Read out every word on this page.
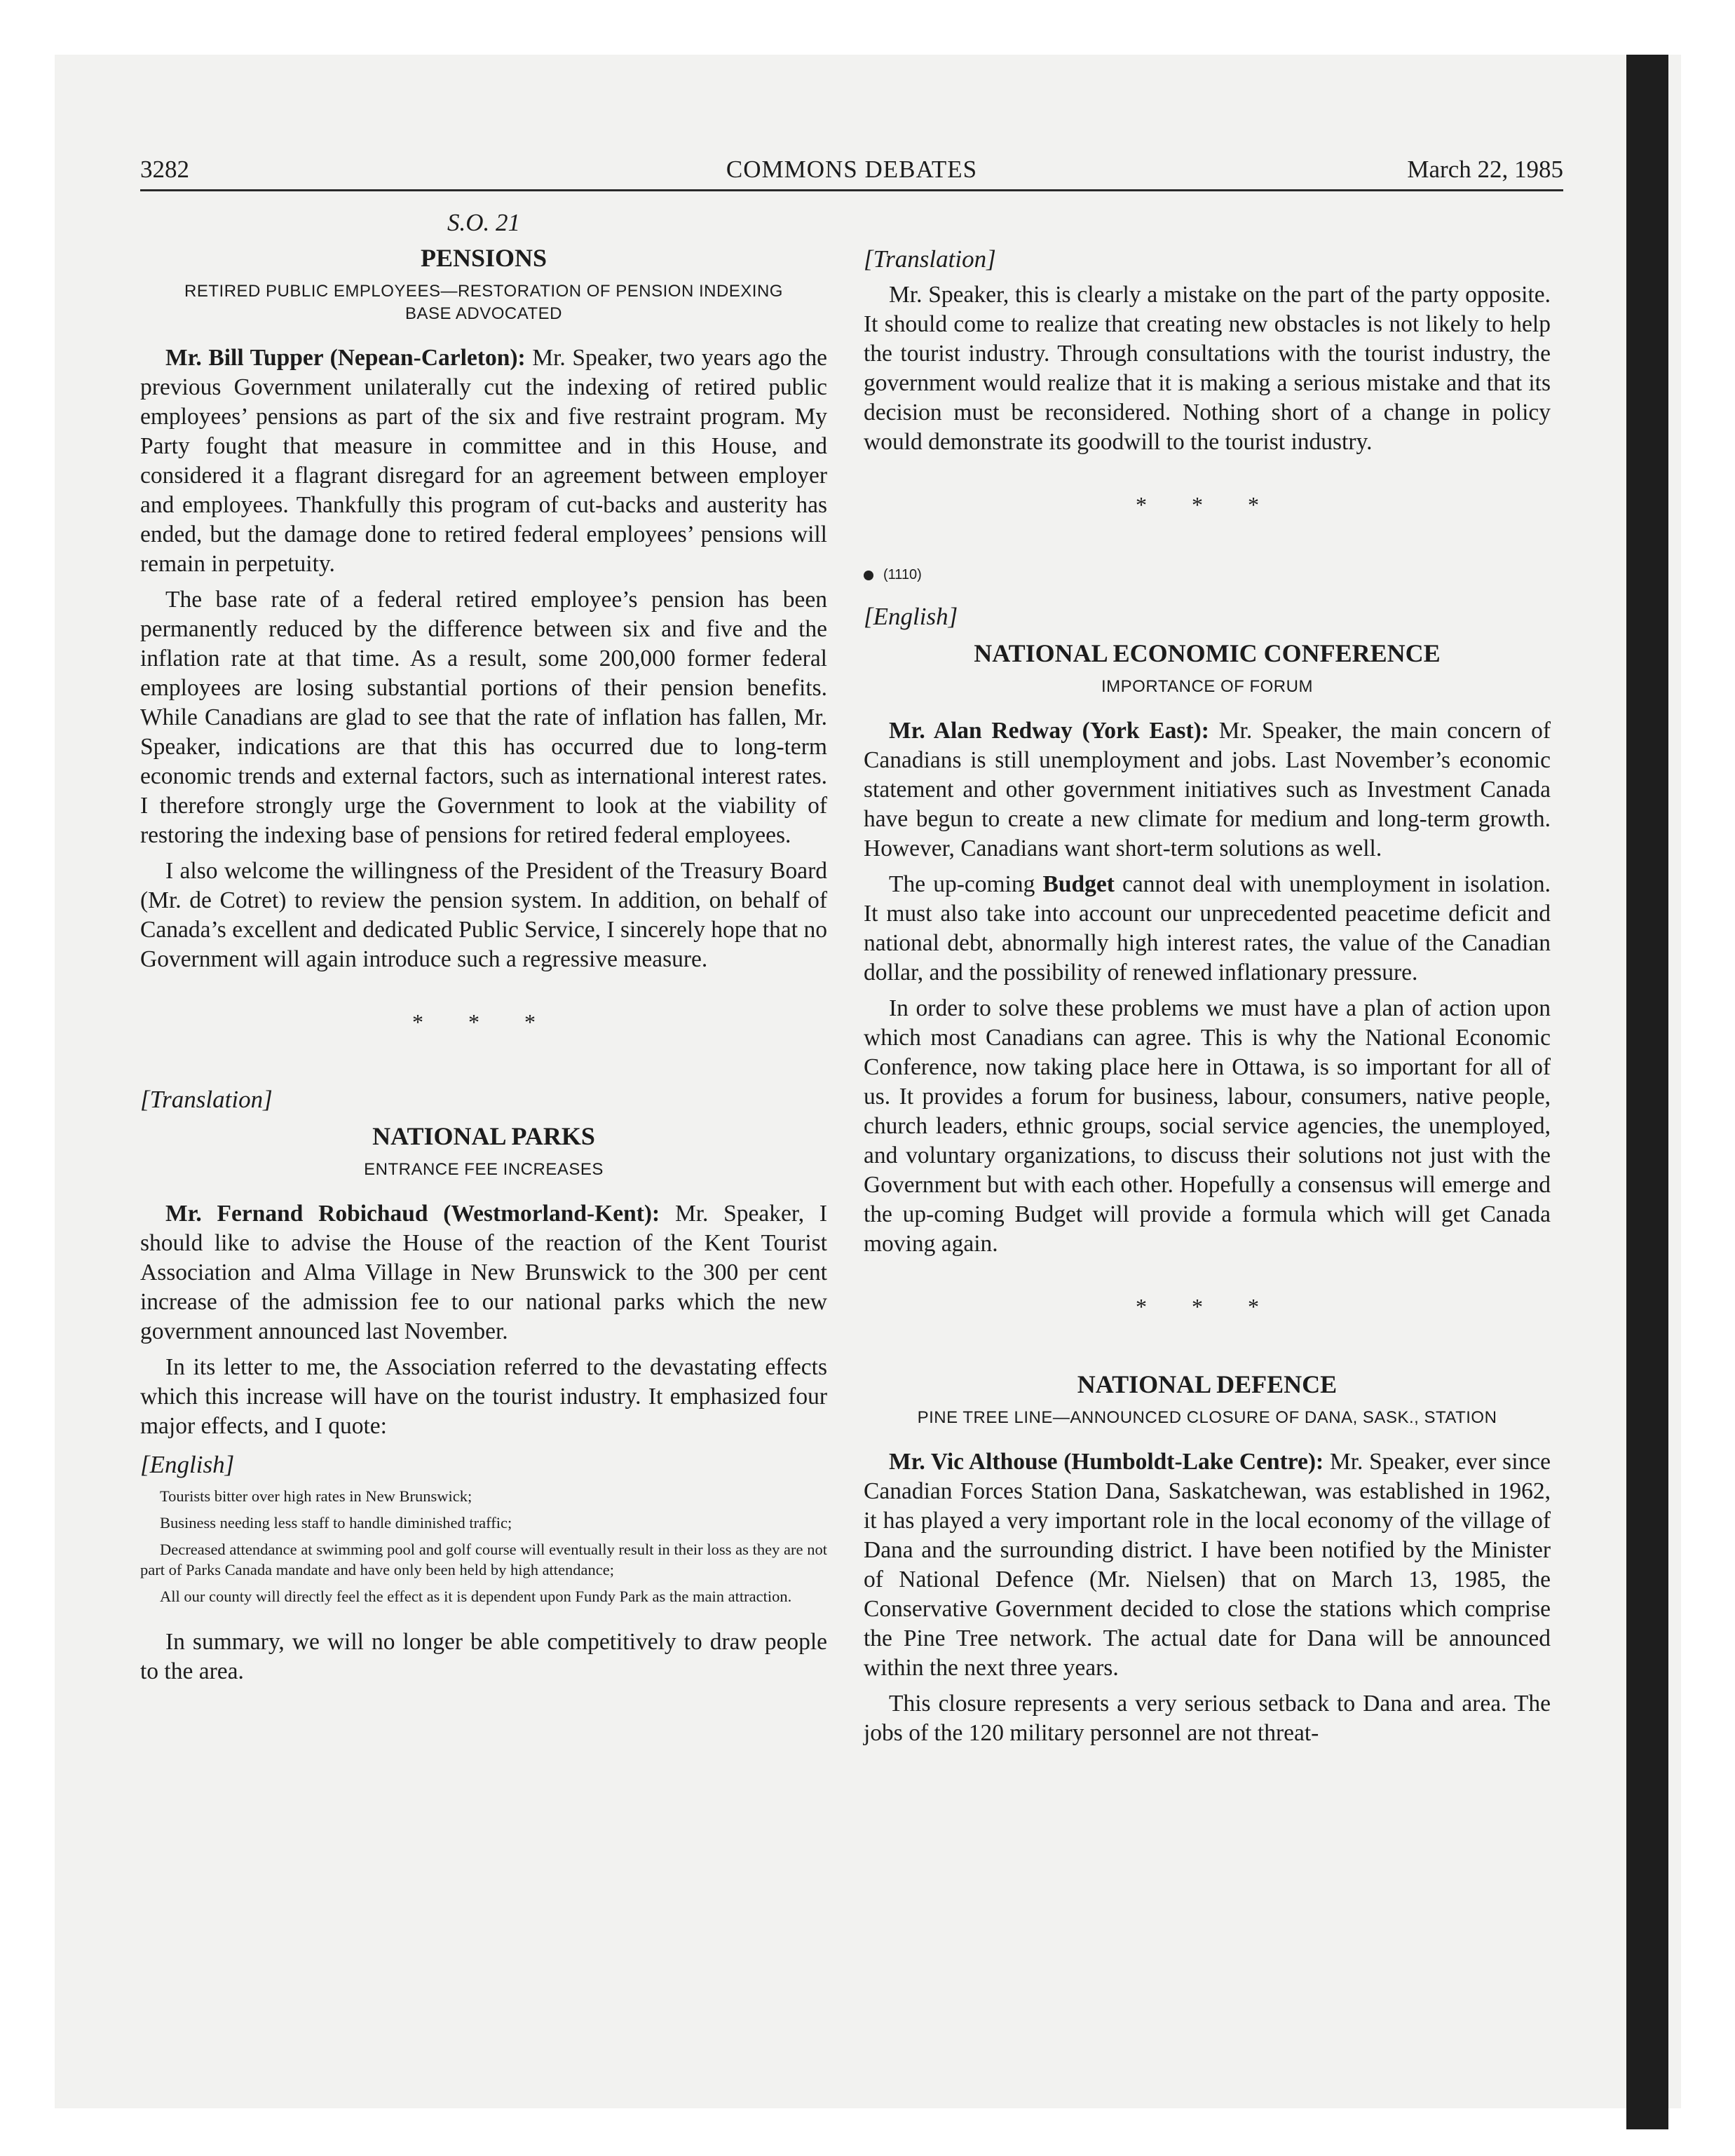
3282	COMMONS DEBATES	March 22, 1985
S.O. 21
PENSIONS
RETIRED PUBLIC EMPLOYEES—RESTORATION OF PENSION INDEXING BASE ADVOCATED

Mr. Bill Tupper (Nepean-Carleton): Mr. Speaker, two years ago the previous Government unilaterally cut the indexing of retired public employees’ pensions as part of the six and five restraint program. My Party fought that measure in committee and in this House, and considered it a flagrant disregard for an agreement between employer and employees. Thankfully this program of cut-backs and austerity has ended, but the damage done to retired federal employees’ pensions will remain in perpetuity.

The base rate of a federal retired employee’s pension has been permanently reduced by the difference between six and five and the inflation rate at that time. As a result, some 200,000 former federal employees are losing substantial portions of their pension benefits. While Canadians are glad to see that the rate of inflation has fallen, Mr. Speaker, indications are that this has occurred due to long-term economic trends and external factors, such as international interest rates. I therefore strongly urge the Government to look at the viability of restoring the indexing base of pensions for retired federal employees.

I also welcome the willingness of the President of the Treasury Board (Mr. de Cotret) to review the pension system. In addition, on behalf of Canada’s excellent and dedicated Public Service, I sincerely hope that no Government will again introduce such a regressive measure.

* * *
[Translation]
NATIONAL PARKS
ENTRANCE FEE INCREASES

Mr. Fernand Robichaud (Westmorland-Kent): Mr. Speaker, I should like to advise the House of the reaction of the Kent Tourist Association and Alma Village in New Brunswick to the 300 per cent increase of the admission fee to our national parks which the new government announced last November.

In its letter to me, the Association referred to the devastating effects which this increase will have on the tourist industry. It emphasized four major effects, and I quote:

[English]
Tourists bitter over high rates in New Brunswick;
Business needing less staff to handle diminished traffic;
Decreased attendance at swimming pool and golf course will eventually result in their loss as they are not part of Parks Canada mandate and have only been held by high attendance;
All our county will directly feel the effect as it is dependent upon Fundy Park as the main attraction.

In summary, we will no longer be able competitively to draw people to the area.

[Translation]

Mr. Speaker, this is clearly a mistake on the part of the party opposite. It should come to realize that creating new obstacles is not likely to help the tourist industry. Through consultations with the tourist industry, the government would realize that it is making a serious mistake and that its decision must be reconsidered. Nothing short of a change in policy would demonstrate its goodwill to the tourist industry.

* * *
(1110)
[English]
NATIONAL ECONOMIC CONFERENCE
IMPORTANCE OF FORUM

Mr. Alan Redway (York East): Mr. Speaker, the main concern of Canadians is still unemployment and jobs. Last November’s economic statement and other government initiatives such as Investment Canada have begun to create a new climate for medium and long-term growth. However, Canadians want short-term solutions as well.

The up-coming Budget cannot deal with unemployment in isolation. It must also take into account our unprecedented peacetime deficit and national debt, abnormally high interest rates, the value of the Canadian dollar, and the possibility of renewed inflationary pressure.

In order to solve these problems we must have a plan of action upon which most Canadians can agree. This is why the National Economic Conference, now taking place here in Ottawa, is so important for all of us. It provides a forum for business, labour, consumers, native people, church leaders, ethnic groups, social service agencies, the unemployed, and voluntary organizations, to discuss their solutions not just with the Government but with each other. Hopefully a consensus will emerge and the up-coming Budget will provide a formula which will get Canada moving again.

* * *
NATIONAL DEFENCE
PINE TREE LINE—ANNOUNCED CLOSURE OF DANA, SASK., STATION

Mr. Vic Althouse (Humboldt-Lake Centre): Mr. Speaker, ever since Canadian Forces Station Dana, Saskatchewan, was established in 1962, it has played a very important role in the local economy of the village of Dana and the surrounding district. I have been notified by the Minister of National Defence (Mr. Nielsen) that on March 13, 1985, the Conservative Government decided to close the stations which comprise the Pine Tree network. The actual date for Dana will be announced within the next three years.

This closure represents a very serious setback to Dana and area. The jobs of the 120 military personnel are not threat-
